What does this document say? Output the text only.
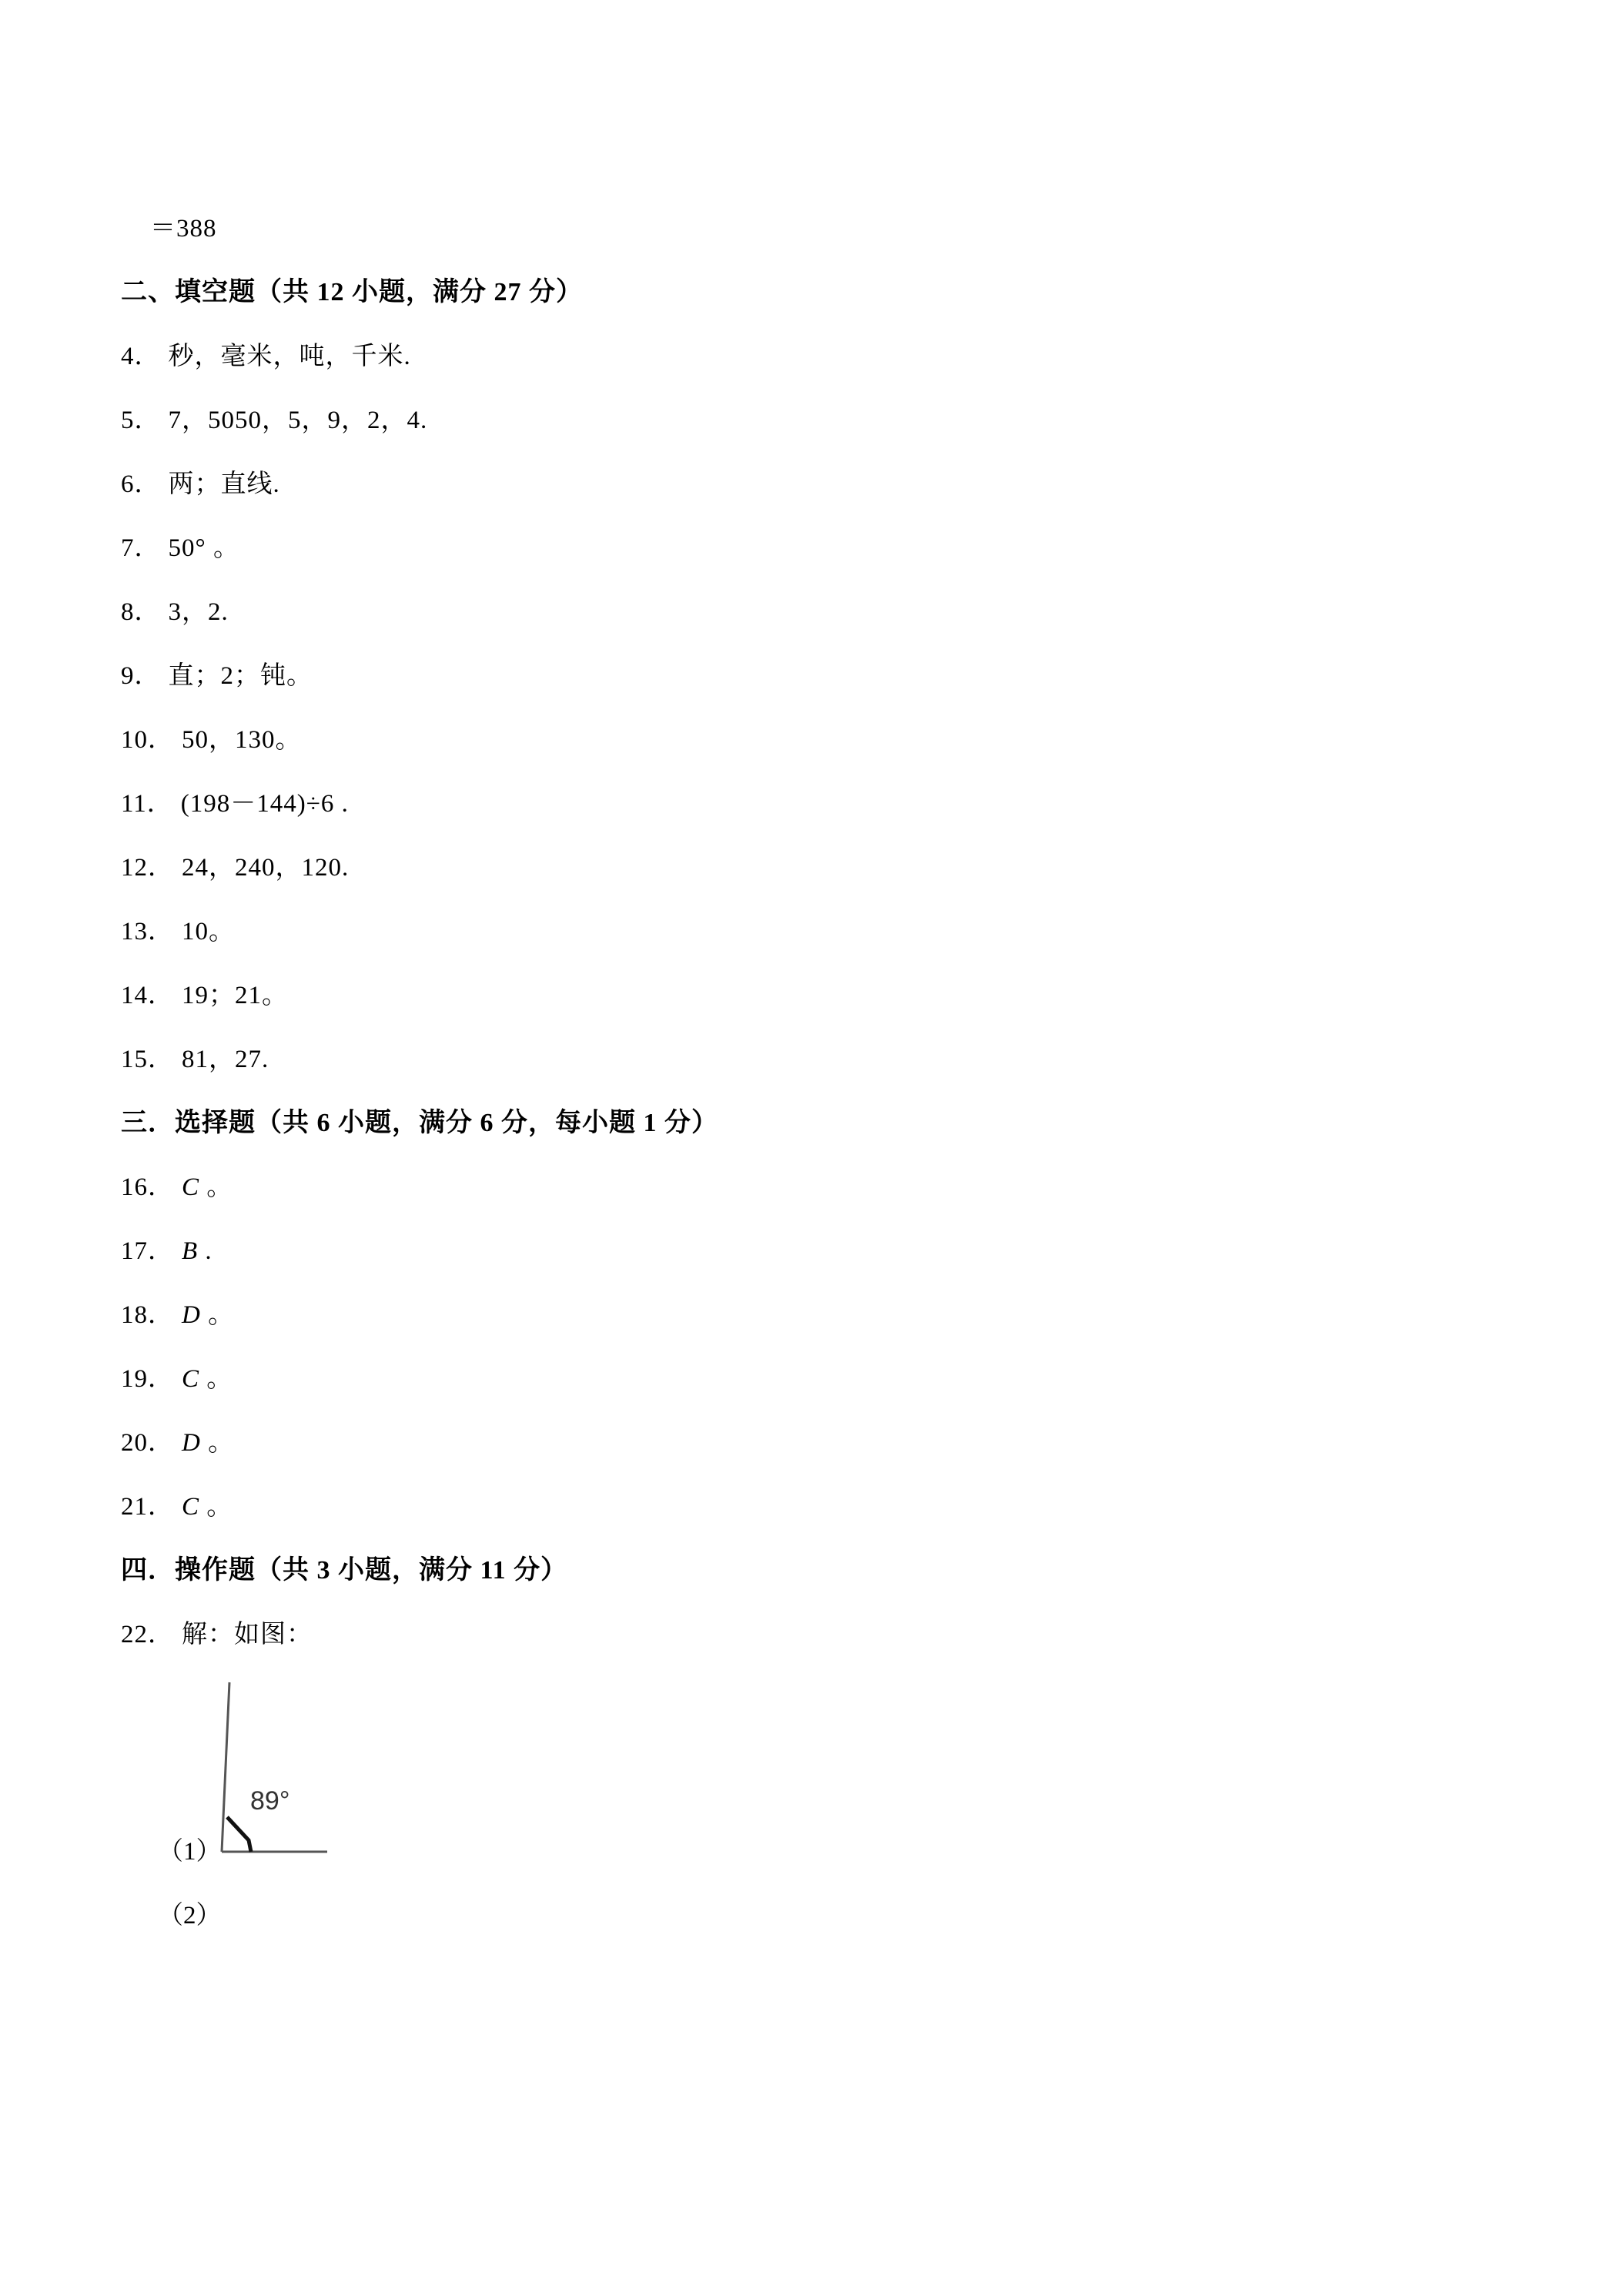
＝388
二、填空题（共 12 小题，满分 27 分）
4． 秒，毫米，吨，千米.
5． 7，5050，5，9，2，4.
6． 两；直线.
7．50° 。
8． 3，2.
9． 直；2；钝。
10． 50，130。
11．(198－144)÷6 .
12． 24，240，120.
13． 10。
14． 19；21。
15． 81，27.
三．选择题（共 6 小题，满分 6 分，每小题 1 分）
16． C 。
17． B .
18． D 。
19． C 。
20． D 。
21． C 。
四．操作题（共 3 小题，满分 11 分）
22． 解：如图：
（1）
89°
（2）
